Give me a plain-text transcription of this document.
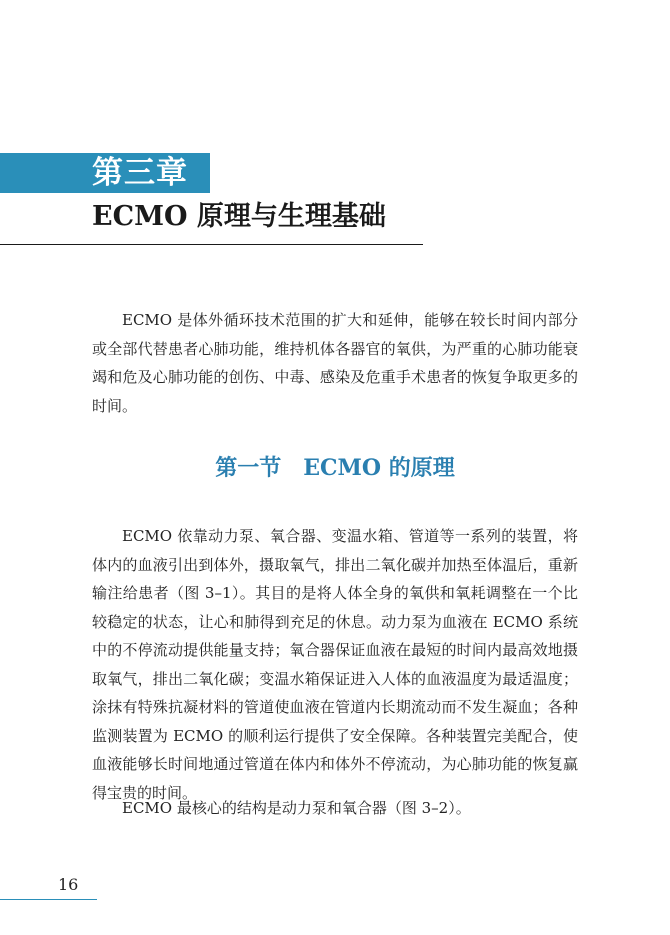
第三章
ECMO 原理与生理基础

ECMO 是体外循环技术范围的扩大和延伸，能够在较长时间内部分或全部代替患者心肺功能，维持机体各器官的氧供，为严重的心肺功能衰竭和危及心肺功能的创伤、中毒、感染及危重手术患者的恢复争取更多的时间。

第一节　ECMO 的原理

ECMO 依靠动力泵、氧合器、变温水箱、管道等一系列的装置，将体内的血液引出到体外，摄取氧气，排出二氧化碳并加热至体温后，重新输注给患者（图 3–1）。其目的是将人体全身的氧供和氧耗调整在一个比较稳定的状态，让心和肺得到充足的休息。动力泵为血液在 ECMO 系统中的不停流动提供能量支持；氧合器保证血液在最短的时间内最高效地摄取氧气，排出二氧化碳；变温水箱保证进入人体的血液温度为最适温度；涂抹有特殊抗凝材料的管道使血液在管道内长期流动而不发生凝血；各种监测装置为 ECMO 的顺利运行提供了安全保障。各种装置完美配合，使血液能够长时间地通过管道在体内和体外不停流动，为心肺功能的恢复赢得宝贵的时间。

ECMO 最核心的结构是动力泵和氧合器（图 3–2）。

16
